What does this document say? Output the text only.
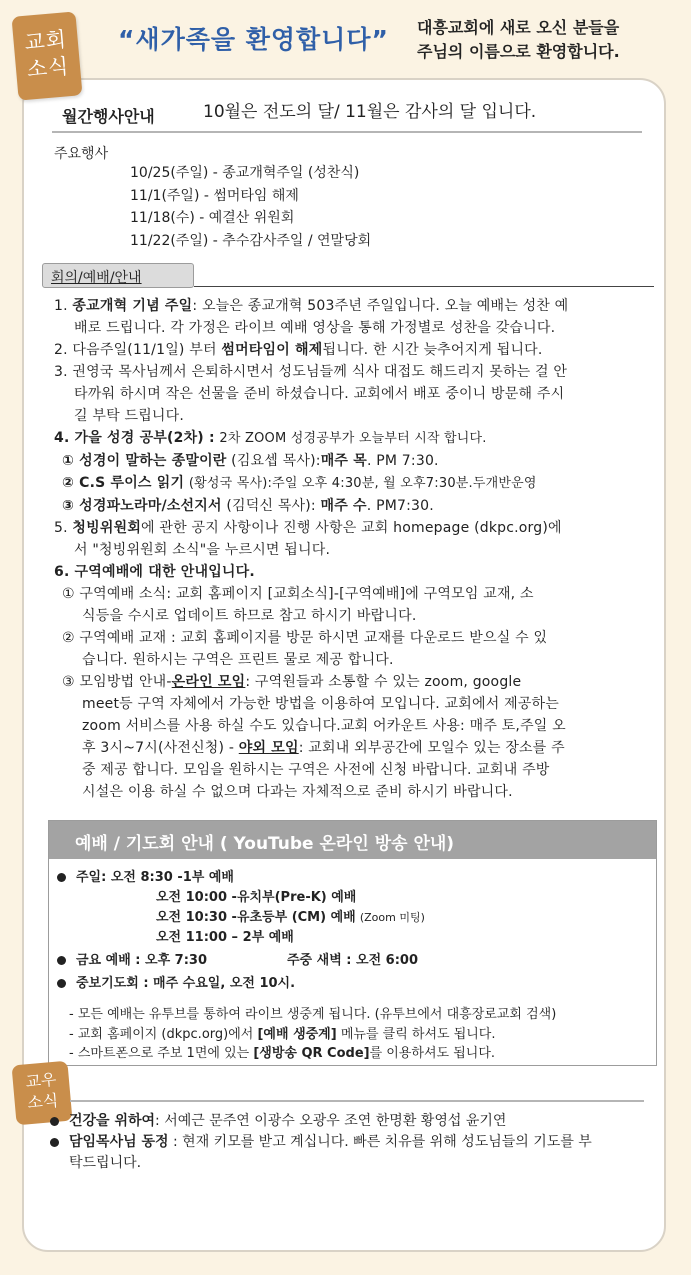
교회
소식
“새가족을 환영합니다” 대흥교회에 새로 오신 분들을
주님의 이름으로 환영합니다.
월간행사안내	10월은 전도의 달/ 11월은 감사의 달 입니다.
주요행사
10/25(주일) - 종교개혁주일 (성찬식)
11/1(주일) - 썸머타임 해제
11/18(수) - 예결산 위원회
11/22(주일) - 추수감사주일 / 연말당회
회의/예배/안내
1. 종교개혁 기념 주일: 오늘은 종교개혁 503주년 주일입니다. 오늘 예배는 성찬 예
배로 드립니다. 각 가정은 라이브 예배 영상을 통해 가정별로 성찬을 갖습니다.
2. 다음주일(11/1일) 부터 썸머타임이 해제됩니다. 한 시간 늦추어지게 됩니다.
3. 권영국 목사님께서 은퇴하시면서 성도님들께 식사 대접도 해드리지 못하는 걸 안
타까워 하시며 작은 선물을 준비 하셨습니다. 교회에서 배포 중이니 방문해 주시
길 부탁 드립니다.
4. 가을 성경 공부(2차) : 2차 ZOOM 성경공부가 오늘부터 시작 합니다.
① 성경이 말하는 종말이란 (김요셉 목사):매주 목. PM 7:30.
② C.S 루이스 읽기 (황성국 목사):주일 오후 4:30분, 월 오후7:30분.두개반운영
③ 성경파노라마/소선지서 (김덕신 목사): 매주 수. PM7:30.
5. 청빙위원회에 관한 공지 사항이나 진행 사항은 교회 homepage (dkpc.org)에
서 "청빙위원회 소식"을 누르시면 됩니다.
6. 구역예배에 대한 안내입니다.
① 구역예배 소식: 교회 홈페이지 [교회소식]-[구역예배]에 구역모임 교재, 소
식등을 수시로 업데이트 하므로 참고 하시기 바랍니다.
② 구역예배 교재 : 교회 홈페이지를 방문 하시면 교재를 다운로드 받으실 수 있
습니다. 원하시는 구역은 프린트 물로 제공 합니다.
③ 모임방법 안내-온라인 모임: 구역원들과 소통할 수 있는 zoom, google
meet등 구역 자체에서 가능한 방법을 이용하여 모입니다. 교회에서 제공하는
zoom 서비스를 사용 하실 수도 있습니다.교회 어카운트 사용: 매주 토,주일 오
후 3시~7시(사전신청) - 야외 모임: 교회내 외부공간에 모일수 있는 장소를 주
중 제공 합니다. 모임을 원하시는 구역은 사전에 신청 바랍니다. 교회내 주방
시설은 이용 하실 수 없으며 다과는 자체적으로 준비 하시기 바랍니다.
예배 / 기도회 안내 ( YouTube 온라인 방송 안내)
주일: 오전 8:30 -1부 예배
오전 10:00 -유치부(Pre-K) 예배
오전 10:30 -유초등부 (CM) 예배 (Zoom 미팅)
오전 11:00 – 2부 예배
금요 예배 : 오후 7:30	주중 새벽 : 오전 6:00
중보기도회 : 매주 수요일, 오전 10시.
- 모든 예배는 유투브를 통하여 라이브 생중계 됩니다. (유투브에서 대흥장로교회 검색)
- 교회 홈페이지 (dkpc.org)에서 [예배 생중계] 메뉴를 클릭 하셔도 됩니다.
- 스마트폰으로 주보 1면에 있는 [생방송 QR Code]를 이용하셔도 됩니다.
교우
소식
건강을 위하여: 서예근 문주연 이광수 오광우 조연 한명환 황영섭 윤기연
담임목사님 동정 : 현재 키모를 받고 계십니다. 빠른 치유를 위해 성도님들의 기도를 부
탁드립니다.
